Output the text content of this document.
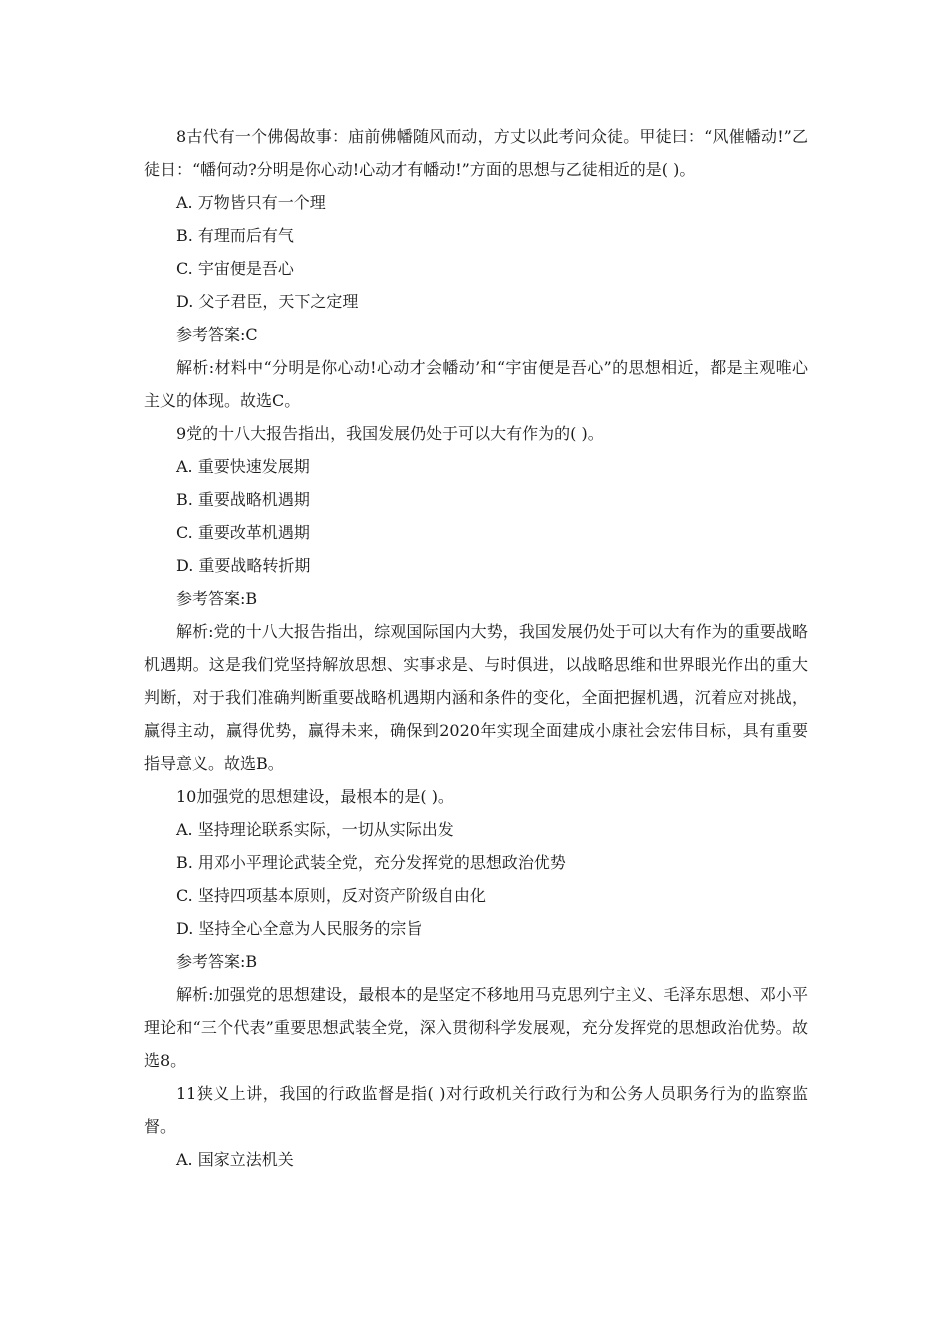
8古代有一个佛偈故事：庙前佛幡随风而动，方丈以此考问众徒。甲徒曰：“风催幡动!”乙徒日：“幡何动?分明是你心动!心动才有幡动!”方面的思想与乙徒相近的是( )。

A. 万物皆只有一个理

B. 有理而后有气

C. 宇宙便是吾心

D. 父子君臣，天下之定理

参考答案:C

解析:材料中“分明是你心动!心动才会幡动’和“宇宙便是吾心”的思想相近，都是主观唯心主义的体现。故选C。

9党的十八大报告指出，我国发展仍处于可以大有作为的( )。

A. 重要快速发展期

B. 重要战略机遇期

C. 重要改革机遇期

D. 重要战略转折期

参考答案:B

解析:党的十八大报告指出，综观国际国内大势，我国发展仍处于可以大有作为的重要战略机遇期。这是我们党坚持解放思想、实事求是、与时俱进，以战略思维和世界眼光作出的重大判断，对于我们准确判断重要战略机遇期内涵和条件的变化，全面把握机遇，沉着应对挑战，赢得主动，赢得优势，赢得未来，确保到2020年实现全面建成小康社会宏伟目标，具有重要指导意义。故选B。

10加强党的思想建设，最根本的是( )。

A. 坚持理论联系实际，一切从实际出发

B. 用邓小平理论武装全党，充分发挥党的思想政治优势

C. 坚持四项基本原则，反对资产阶级自由化

D. 坚持全心全意为人民服务的宗旨

参考答案:B

解析:加强党的思想建设，最根本的是坚定不移地用马克思列宁主义、毛泽东思想、邓小平理论和“三个代表”重要思想武装全党，深入贯彻科学发展观，充分发挥党的思想政治优势。故选8。

11狭义上讲，我国的行政监督是指( )对行政机关行政行为和公务人员职务行为的监察监督。

A. 国家立法机关
